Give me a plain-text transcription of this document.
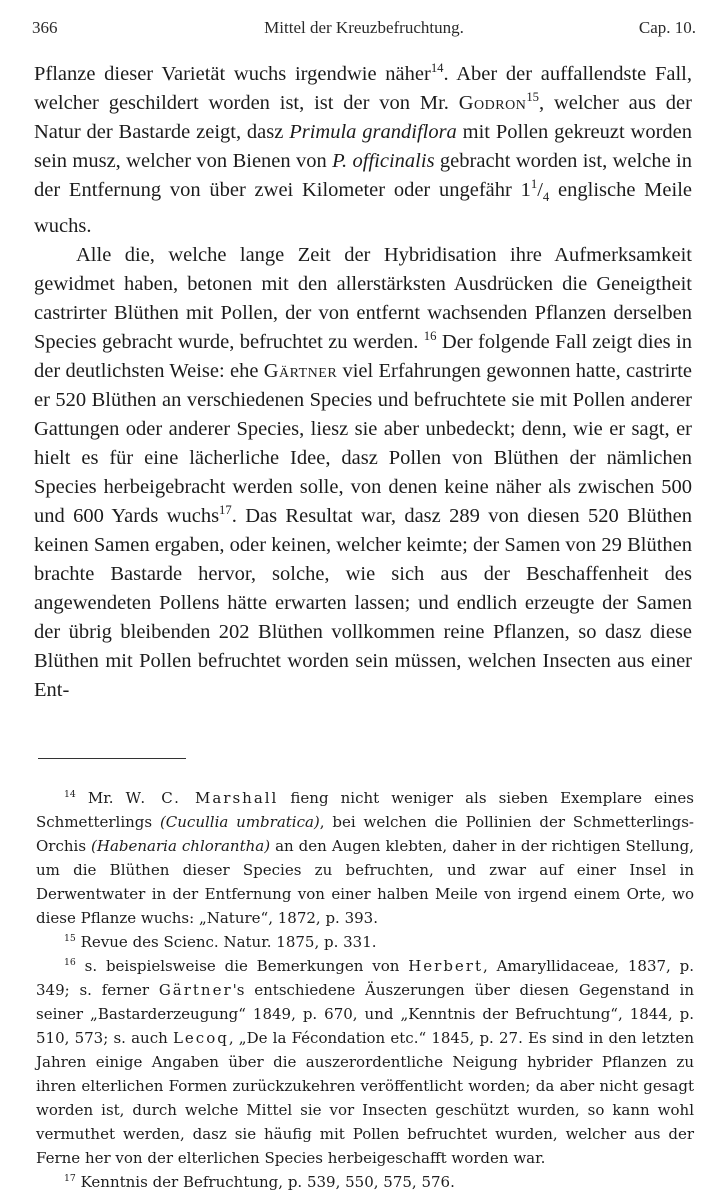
366	Mittel der Kreuzbefruchtung.	Cap. 10.

Pflanze dieser Varietät wuchs irgendwie näher$^{14}$. Aber der auffallendste Fall, welcher geschildert worden ist, ist der von Mr. Godron$^{15}$, welcher aus der Natur der Bastarde zeigt, dasz Primula grandiflora mit Pollen gekreuzt worden sein musz, welcher von Bienen von P. officinalis gebracht worden ist, welche in der Entfernung von über zwei Kilometer oder ungefähr $1^1/_4$ englische Meile wuchs.

Alle die, welche lange Zeit der Hybridisation ihre Aufmerksamkeit gewidmet haben, betonen mit den allerstärksten Ausdrücken die Geneigtheit castrirter Blüthen mit Pollen, der von entfernt wachsenden Pflanzen derselben Species gebracht wurde, befruchtet zu werden. $^{16}$ Der folgende Fall zeigt dies in der deutlichsten Weise: ehe Gärtner viel Erfahrungen gewonnen hatte, castrirte er 520 Blüthen an verschiedenen Species und befruchtete sie mit Pollen anderer Gattungen oder anderer Species, liesz sie aber unbedeckt; denn, wie er sagt, er hielt es für eine lächerliche Idee, dasz Pollen von Blüthen der nämlichen Species herbeigebracht werden solle, von denen keine näher als zwischen 500 und 600 Yards wuchs$^{17}$. Das Resultat war, dasz 289 von diesen 520 Blüthen keinen Samen ergaben, oder keinen, welcher keimte; der Samen von 29 Blüthen brachte Bastarde hervor, solche, wie sich aus der Beschaffenheit des angewendeten Pollens hätte erwarten lassen; und endlich erzeugte der Samen der übrig bleibenden 202 Blüthen vollkommen reine Pflanzen, so dasz diese Blüthen mit Pollen befruchtet worden sein müssen, welchen Insecten aus einer Ent-

$^{14}$ Mr. W. C. Marshall fieng nicht weniger als sieben Exemplare eines Schmetterlings (Cucullia umbratica), bei welchen die Pollinien der Schmetterlings-Orchis (Habenaria chlorantha) an den Augen klebten, daher in der richtigen Stellung, um die Blüthen dieser Species zu befruchten, und zwar auf einer Insel in Derwentwater in der Entfernung von einer halben Meile von irgend einem Orte, wo diese Pflanze wuchs: „Nature“, 1872, p. 393.

$^{15}$ Revue des Scienc. Natur. 1875, p. 331.

$^{16}$ s. beispielsweise die Bemerkungen von Herbert, Amaryllidaceae, 1837, p. 349; s. ferner Gärtner's entschiedene Äuszerungen über diesen Gegenstand in seiner „Bastarderzeugung“ 1849, p. 670, und „Kenntnis der Befruchtung“, 1844, p. 510, 573; s. auch Lecoq, „De la Fécondation etc.“ 1845, p. 27. Es sind in den letzten Jahren einige Angaben über die auszerordentliche Neigung hybrider Pflanzen zu ihren elterlichen Formen zurückzukehren veröffentlicht worden; da aber nicht gesagt worden ist, durch welche Mittel sie vor Insecten geschützt wurden, so kann wohl vermuthet werden, dasz sie häufig mit Pollen befruchtet wurden, welcher aus der Ferne her von der elterlichen Species herbeigeschafft worden war.

$^{17}$ Kenntnis der Befruchtung, p. 539, 550, 575, 576.
